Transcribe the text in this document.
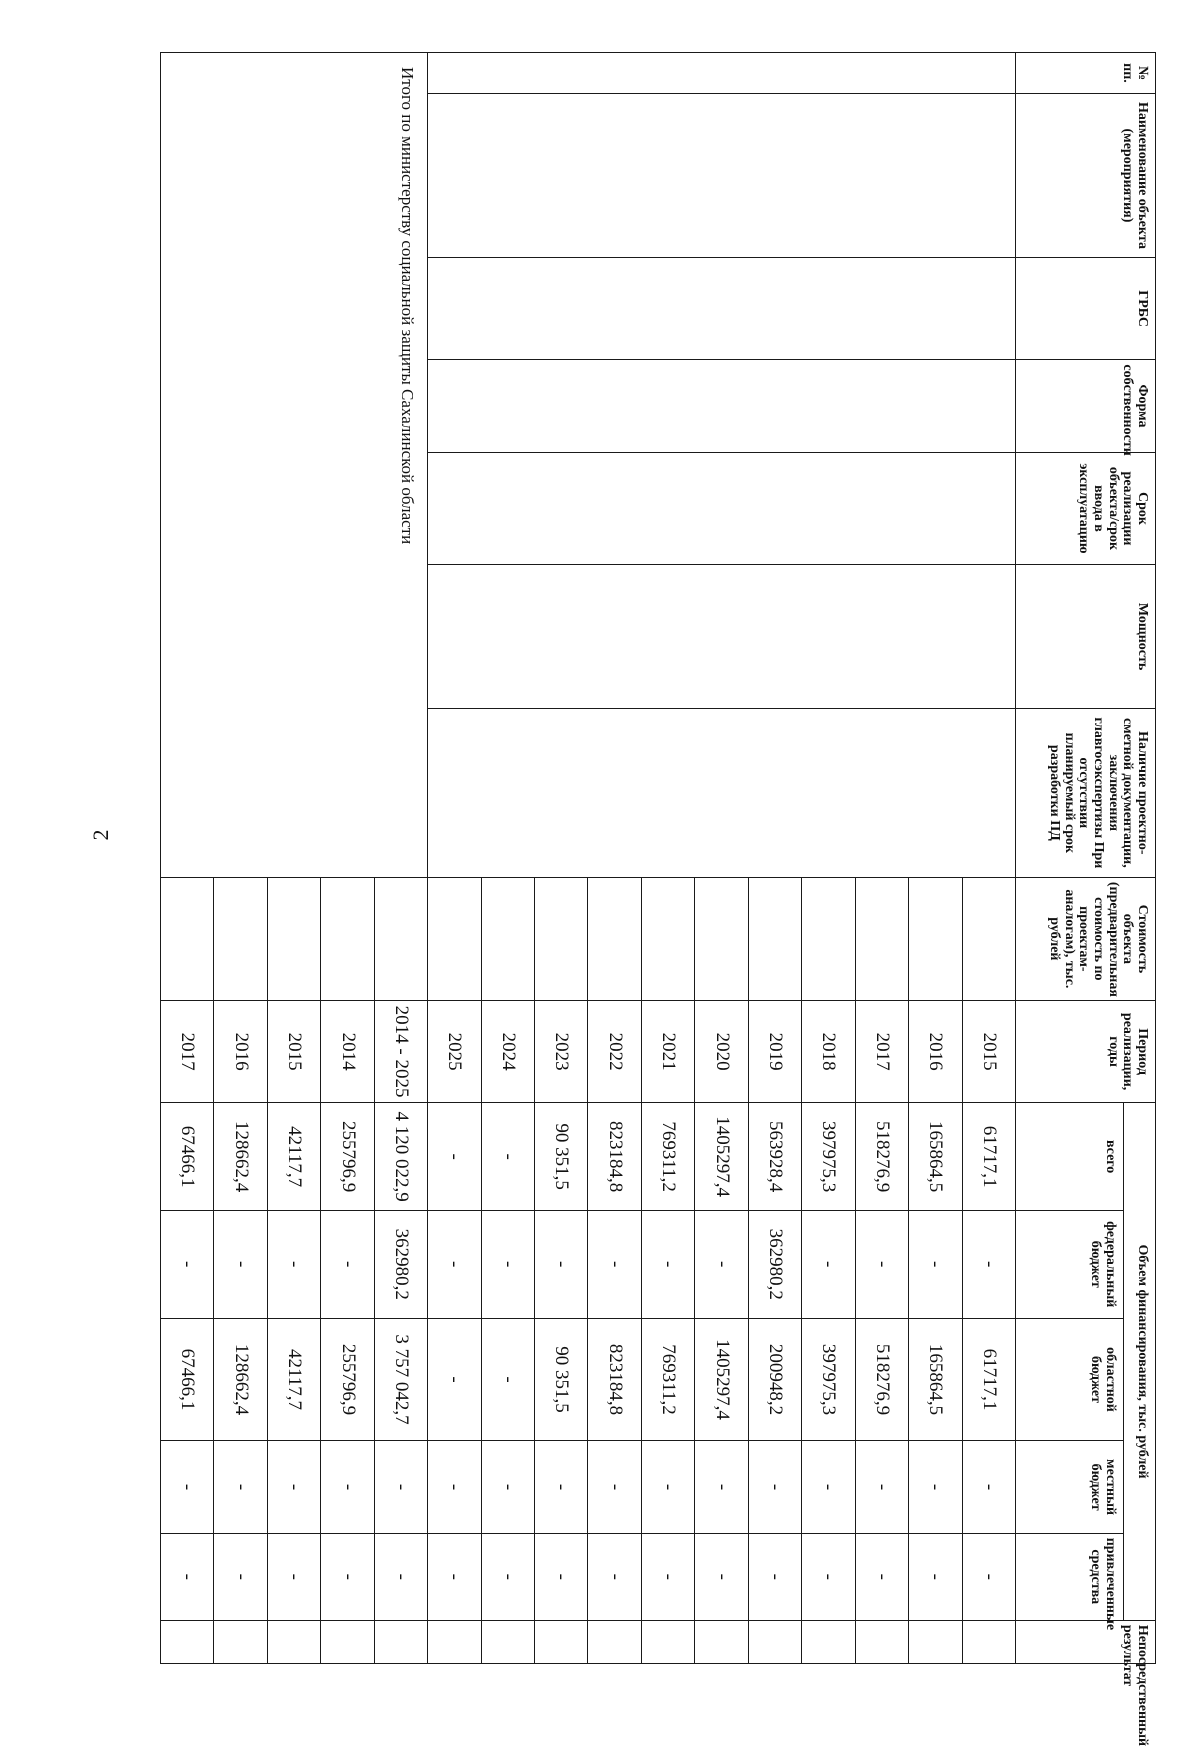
2
№ пп.	Наименование объекта (мероприятия)	ГРБС	Форма собственности	Срок реализации объекта/срок ввода в эксплуатацию	Мощность	Наличие проектно-сметной документации, заключения главгосэкспертизы При отсутствии планируемый срок разработки ПД	Стоимость объекта (предварительная стоимость по проектам-аналогам), тыс. рублей	Период реализации, годы	Объем финансирования, тыс. рублей					Непосредственный результат
									всего	федеральный бюджет	областной бюджет	местный бюджет	привлеченные средства	
								2015	61717,1	-	61717,1	-	-	
								2016	165864,5	-	165864,5	-	-	
								2017	518276,9	-	518276,9	-	-	
								2018	397975,3	-	397975,3	-	-	
								2019	563928,4	362980,2	200948,2	-	-	
								2020	1405297,4	-	1405297,4	-	-	
								2021	769311,2	-	769311,2	-	-	
								2022	823184,8	-	823184,8	-	-	
								2023	90 351,5	-	90 351,5	-	-	
								2024	-	-	-	-	-	
								2025	-	-	-	-	-	
Итого по министерству социальной защиты Сахалинской области								2014 - 2025	4 120 022,9	362980,2	3 757 042,7	-	-	
								2014	255796,9	-	255796,9	-	-	
								2015	42117,7	-	42117,7	-	-	
								2016	128662,4	-	128662,4	-	-	
								2017	67466,1	-	67466,1	-	-	
